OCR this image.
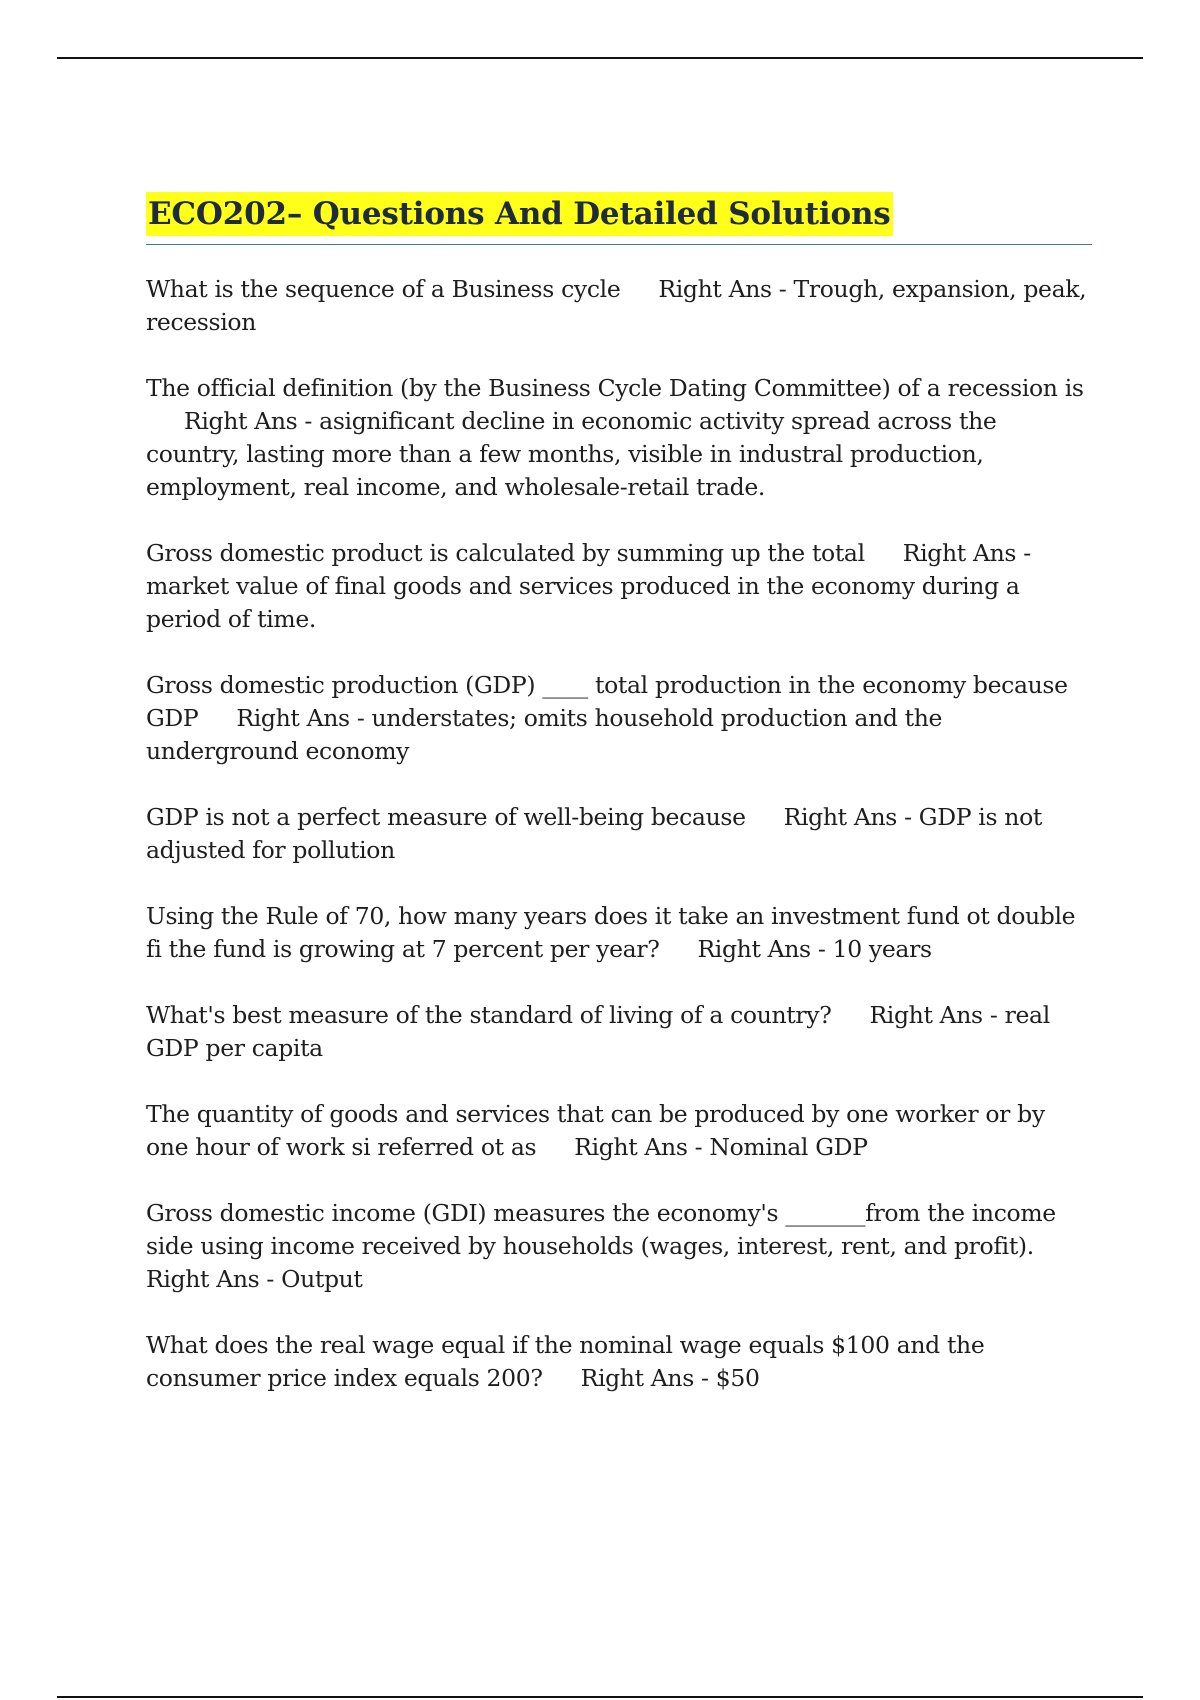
ECO202– Questions And Detailed Solutions

What is the sequence of a Business cycle Right Ans - Trough, expansion, peak, recession

The official definition (by the Business Cycle Dating Committee) of a recession isRight Ans - asignificant decline in economic activity spread across the country, lasting more than a few months, visible in industral production, employment, real income, and wholesale-retail trade.

Gross domestic product is calculated by summing up the total Right Ans - market value of final goods and services produced in the economy during a period of time.

Gross domestic production (GDP) ____ total production in the economy because GDP Right Ans - understates; omits household production and the underground economy

GDP is not a perfect measure of well-being because Right Ans - GDP is not adjusted for pollution

Using the Rule of 70, how many years does it take an investment fund ot double fi the fund is growing at 7 percent per year? Right Ans - 10 years

What's best measure of the standard of living of a country? Right Ans - real GDP per capita

The quantity of goods and services that can be produced by one worker or by one hour of work si referred ot as Right Ans - Nominal GDP

Gross domestic income (GDI) measures the economy's _______from the income side using income received by households (wages, interest, rent, and profit).Right Ans - Output

What does the real wage equal if the nominal wage equals $100 and the consumer price index equals 200? Right Ans - $50
